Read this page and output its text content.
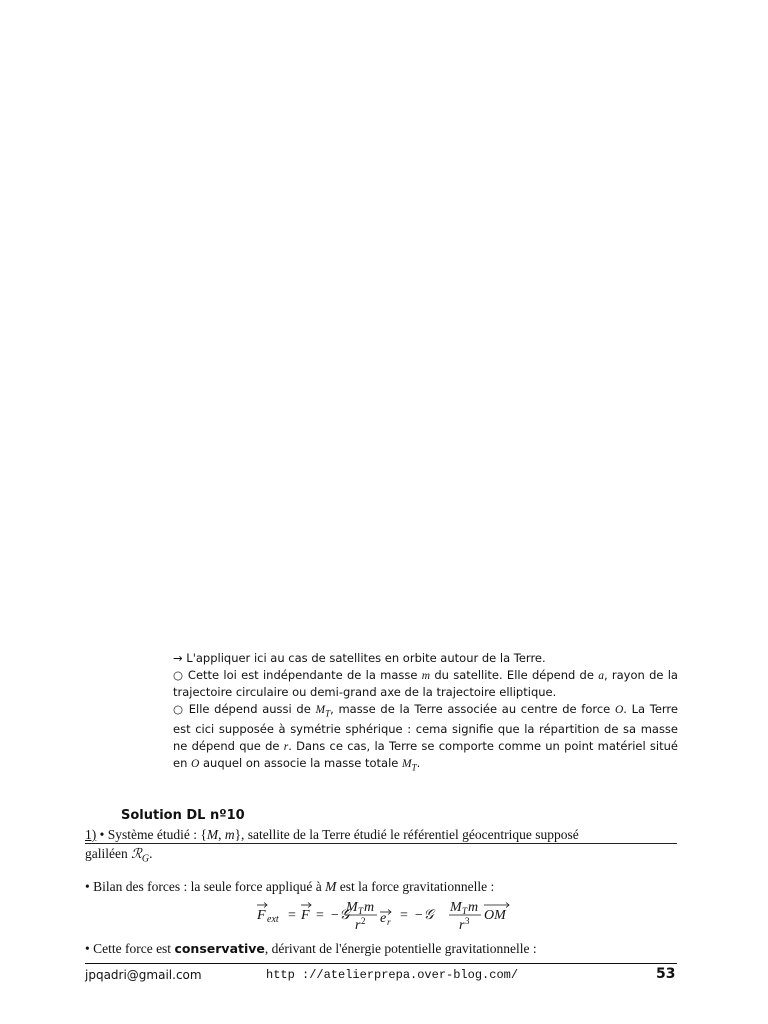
→ L'appliquer ici au cas de satellites en orbite autour de la Terre.

○ Cette loi est indépendante de la masse m du satellite. Elle dépend de a, rayon de la trajectoire circulaire ou demi-grand axe de la trajectoire elliptique.

○ Elle dépend aussi de $M_T$, masse de la Terre associée au centre de force O. La Terre est cici supposée à symétrie sphérique : cema signifie que la répartition de sa masse ne dépend que de r. Dans ce cas, la Terre se comporte comme un point matériel situé en O auquel on associe la masse totale $M_T$.

Solution DL nº10
1) • Système étudié : {M, m}, satellite de la Terre étudié le référentiel géocentrique supposé
galiléen ℛ$_G$.
• Bilan des forces : la seule force appliqué à M est la force gravitationnelle :
F ext = F = −𝒢
M T m
r 2 e r = −𝒢
M T m
r 3 OM
• Cette force est conservative, dérivant de l'énergie potentielle gravitationnelle :
jpqadri@gmail.com	http ://atelierprepa.over-blog.com/	53
